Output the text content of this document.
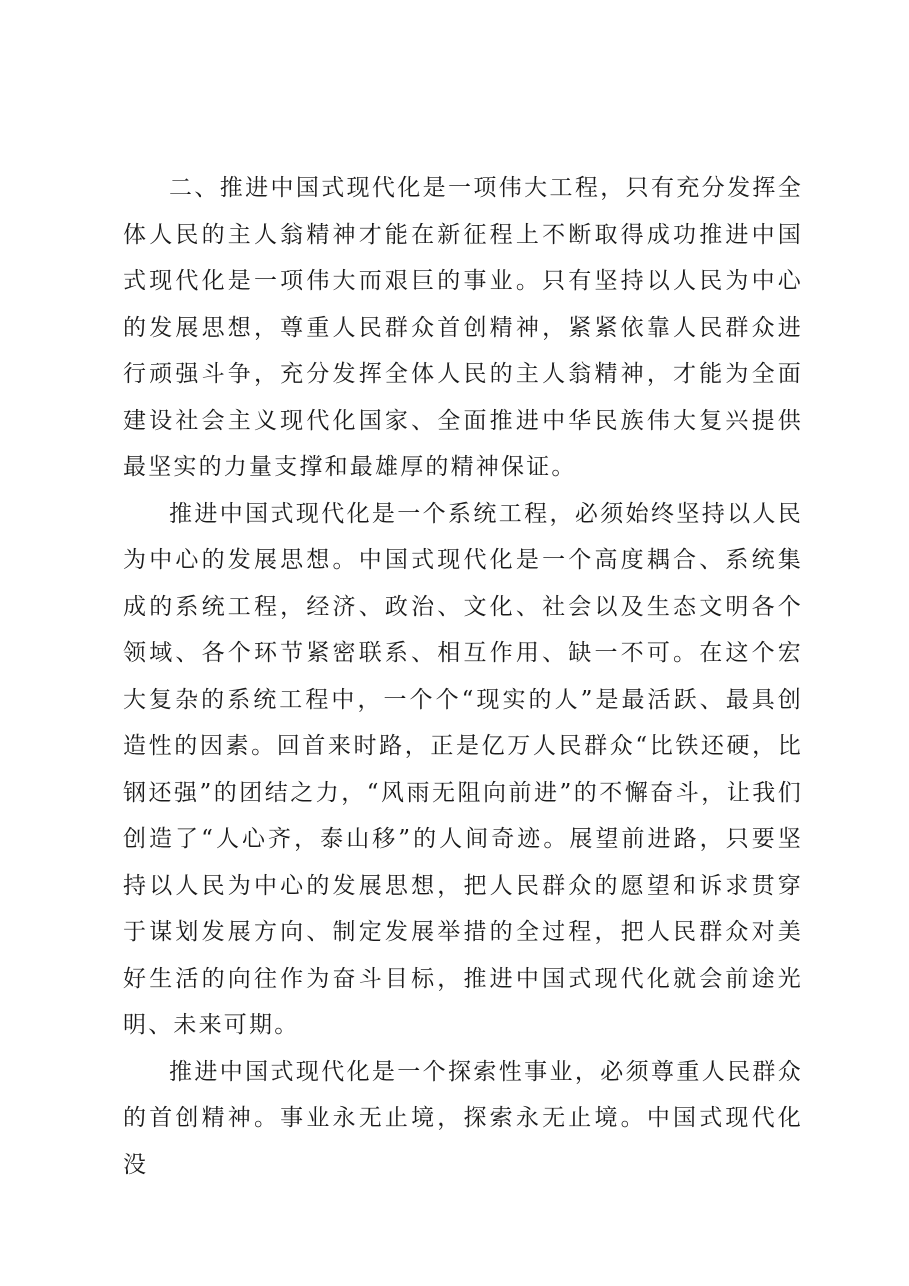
二、推进中国式现代化是一项伟大工程，只有充分发挥全体人民的主人翁精神才能在新征程上不断取得成功推进中国式现代化是一项伟大而艰巨的事业。只有坚持以人民为中心的发展思想，尊重人民群众首创精神，紧紧依靠人民群众进行顽强斗争，充分发挥全体人民的主人翁精神，才能为全面建设社会主义现代化国家、全面推进中华民族伟大复兴提供最坚实的力量支撑和最雄厚的精神保证。

推进中国式现代化是一个系统工程，必须始终坚持以人民为中心的发展思想。中国式现代化是一个高度耦合、系统集成的系统工程，经济、政治、文化、社会以及生态文明各个领域、各个环节紧密联系、相互作用、缺一不可。在这个宏大复杂的系统工程中，一个个“现实的人”是最活跃、最具创造性的因素。回首来时路，正是亿万人民群众“比铁还硬，比钢还强”的团结之力，“风雨无阻向前进”的不懈奋斗，让我们创造了“人心齐，泰山移”的人间奇迹。展望前进路，只要坚持以人民为中心的发展思想，把人民群众的愿望和诉求贯穿于谋划发展方向、制定发展举措的全过程，把人民群众对美好生活的向往作为奋斗目标，推进中国式现代化就会前途光明、未来可期。

推进中国式现代化是一个探索性事业，必须尊重人民群众的首创精神。事业永无止境，探索永无止境。中国式现代化没
